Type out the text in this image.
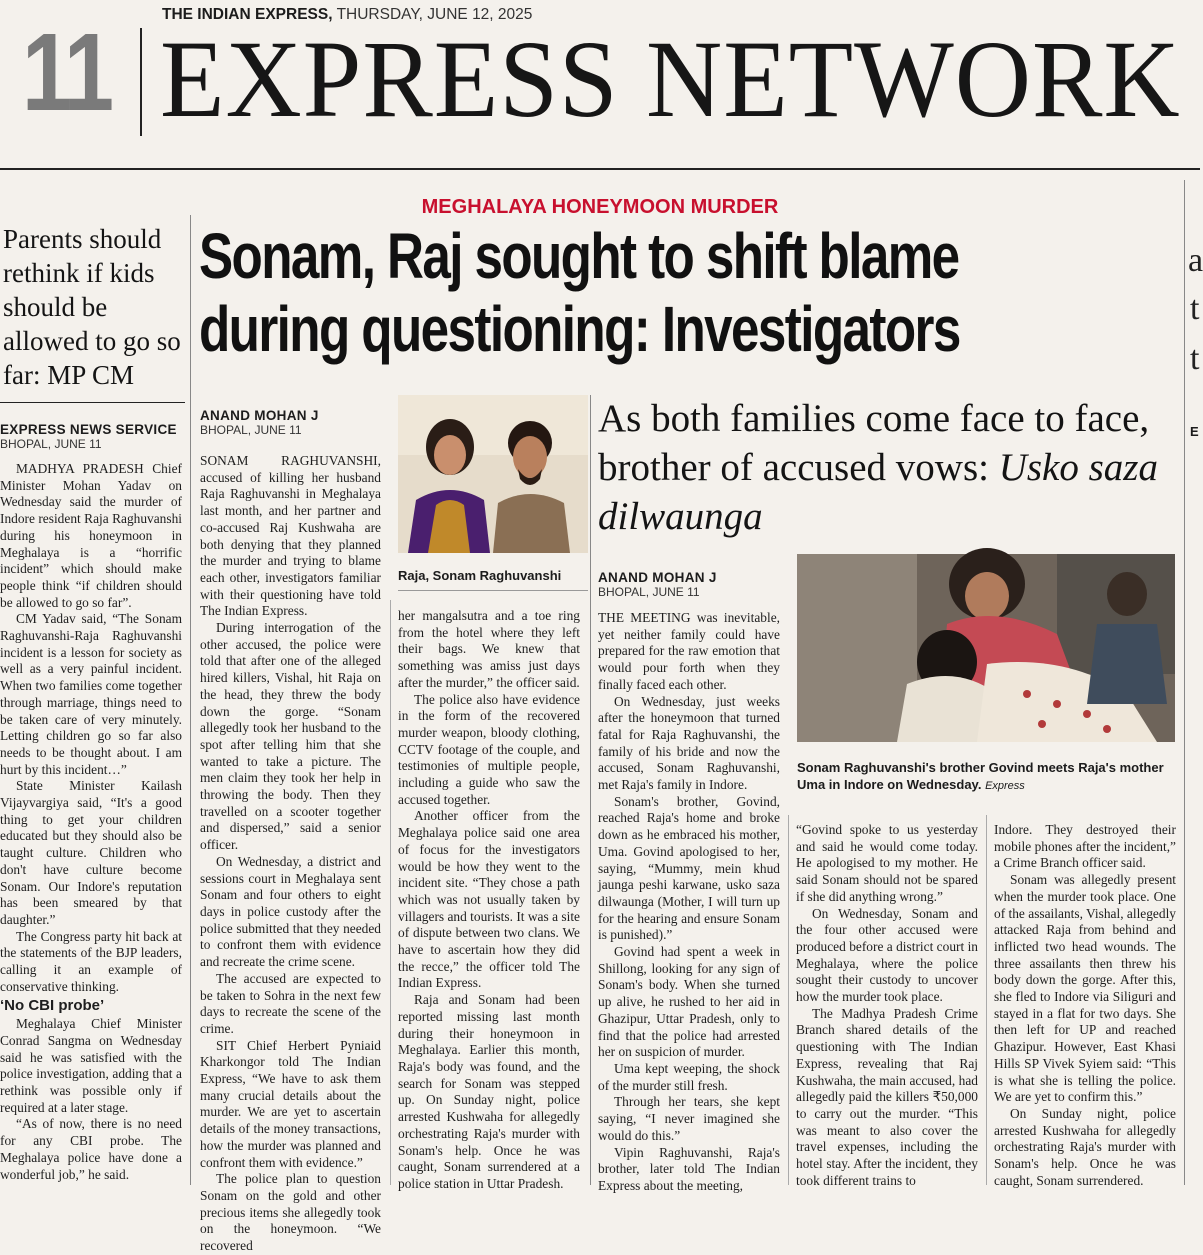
THE INDIAN EXPRESS, THURSDAY, JUNE 12, 2025
11 EXPRESS NETWORK
Parents should rethink if kids should be allowed to go so far: MP CM
EXPRESS NEWS SERVICE
BHOPAL, JUNE 11

MADHYA PRADESH Chief Minister Mohan Yadav on Wednesday said the murder of Indore resident Raja Raghuvanshi during his honeymoon in Meghalaya is a “horrific incident” which should make people think “if children should be allowed to go so far”.

CM Yadav said, “The Sonam Raghuvanshi-Raja Raghuvanshi incident is a lesson for society as well as a very painful incident. When two families come together through marriage, things need to be taken care of very minutely. Letting children go so far also needs to be thought about. I am hurt by this incident…”

State Minister Kailash Vijayvargiya said, “It's a good thing to get your children educated but they should also be taught culture. Children who don't have culture become Sonam. Our Indore's reputation has been smeared by that daughter.”

The Congress party hit back at the statements of the BJP leaders, calling it an example of conservative thinking.

‘No CBI probe’

Meghalaya Chief Minister Conrad Sangma on Wednesday said he was satisfied with the police investigation, adding that a rethink was possible only if required at a later stage.

“As of now, there is no need for any CBI probe. The Meghalaya police have done a wonderful job,” he said.

MEGHALAYA HONEYMOON MURDER
Sonam, Raj sought to shift blame
during questioning: Investigators
ANAND MOHAN J
BHOPAL, JUNE 11
Raja, Sonam Raghuvanshi

SONAM RAGHUVANSHI, accused of killing her husband Raja Raghuvanshi in Meghalaya last month, and her partner and co-accused Raj Kushwaha are both denying that they planned the murder and trying to blame each other, investigators familiar with their questioning have told The Indian Express.

During interrogation of the other accused, the police were told that after one of the alleged hired killers, Vishal, hit Raja on the head, they threw the body down the gorge. “Sonam allegedly took her husband to the spot after telling him that she wanted to take a picture. The men claim they took her help in throwing the body. Then they travelled on a scooter together and dispersed,” said a senior officer.

On Wednesday, a district and sessions court in Meghalaya sent Sonam and four others to eight days in police custody after the police submitted that they needed to confront them with evidence and recreate the crime scene.

The accused are expected to be taken to Sohra in the next few days to recreate the scene of the crime.

SIT Chief Herbert Pyniaid Kharkongor told The Indian Express, “We have to ask them many crucial details about the murder. We are yet to ascertain details of the money transactions, how the murder was planned and confront them with evidence.”

The police plan to question Sonam on the gold and other precious items she allegedly took on the honeymoon. “We recovered

her mangalsutra and a toe ring from the hotel where they left their bags. We knew that something was amiss just days after the murder,” the officer said.

The police also have evidence in the form of the recovered murder weapon, bloody clothing, CCTV footage of the couple, and testimonies of multiple people, including a guide who saw the accused together.

Another officer from the Meghalaya police said one area of focus for the investigators would be how they went to the incident site. “They chose a path which was not usually taken by villagers and tourists. It was a site of dispute between two clans. We have to ascertain how they did the recce,” the officer told The Indian Express.

Raja and Sonam had been reported missing last month during their honeymoon in Meghalaya. Earlier this month, Raja's body was found, and the search for Sonam was stepped up. On Sunday night, police arrested Kushwaha for allegedly orchestrating Raja's murder with Sonam's help. Once he was caught, Sonam surrendered at a police station in Uttar Pradesh.

As both families come face to face, brother of accused vows: Usko saza dilwaunga
ANAND MOHAN J
BHOPAL, JUNE 11
Sonam Raghuvanshi's brother Govind meets Raja's mother Uma in Indore on Wednesday. Express

THE MEETING was inevitable, yet neither family could have prepared for the raw emotion that would pour forth when they finally faced each other.

On Wednesday, just weeks after the honeymoon that turned fatal for Raja Raghuvanshi, the family of his bride and now the accused, Sonam Raghuvanshi, met Raja's family in Indore.

Sonam's brother, Govind, reached Raja's home and broke down as he embraced his mother, Uma. Govind apologised to her, saying, “Mummy, mein khud jaunga peshi karwane, usko saza dilwaunga (Mother, I will turn up for the hearing and ensure Sonam is punished).”

Govind had spent a week in Shillong, looking for any sign of Sonam's body. When she turned up alive, he rushed to her aid in Ghazipur, Uttar Pradesh, only to find that the police had arrested her on suspicion of murder.

Uma kept weeping, the shock of the murder still fresh.

Through her tears, she kept saying, “I never imagined she would do this.”

Vipin Raghuvanshi, Raja's brother, later told The Indian Express about the meeting,

“Govind spoke to us yesterday and said he would come today. He apologised to my mother. He said Sonam should not be spared if she did anything wrong.”

On Wednesday, Sonam and the four other accused were produced before a district court in Meghalaya, where the police sought their custody to uncover how the murder took place.

The Madhya Pradesh Crime Branch shared details of the questioning with The Indian Express, revealing that Raj Kushwaha, the main accused, had allegedly paid the killers ₹50,000 to carry out the murder. “This was meant to also cover the travel expenses, including the hotel stay. After the incident, they took different trains to

Indore. They destroyed their mobile phones after the incident,” a Crime Branch officer said.

Sonam was allegedly present when the murder took place. One of the assailants, Vishal, allegedly attacked Raja from behind and inflicted two head wounds. The three assailants then threw his body down the gorge. After this, she fled to Indore via Siliguri and stayed in a flat for two days. She then left for UP and reached Ghazipur. However, East Khasi Hills SP Vivek Syiem said: “This is what she is telling the police. We are yet to confirm this.”

On Sunday night, police arrested Kushwaha for allegedly orchestrating Raja's murder with Sonam's help. Once he was caught, Sonam surrendered.

a
t
t
E
